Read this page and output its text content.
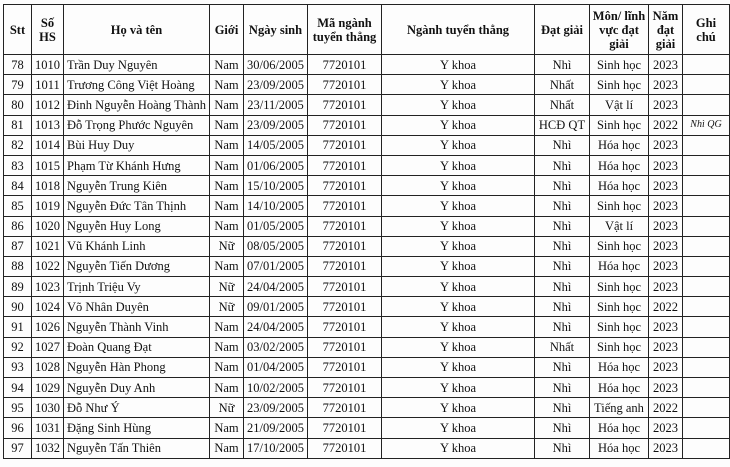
Stt	Số HS	Họ và tên	Giới	Ngày sinh	Mã ngành tuyển thẳng	Ngành tuyển thẳng	Đạt giải	Môn/ lĩnh vực đạt giải	Năm đạt giải	Ghi chú
78	1010	Trần Duy Nguyên	Nam	30/06/2005	7720101	Y khoa	Nhì	Sinh học	2023	
79	1011	Trương Công Việt Hoàng	Nam	23/09/2005	7720101	Y khoa	Nhất	Sinh học	2023	
80	1012	Đinh Nguyễn Hoàng Thành	Nam	23/11/2005	7720101	Y khoa	Nhất	Vật lí	2023	
81	1013	Đỗ Trọng Phước Nguyên	Nam	23/09/2005	7720101	Y khoa	HCĐ QT	Sinh học	2022	Nhì QG
82	1014	Bùi Huy Duy	Nam	14/05/2005	7720101	Y khoa	Nhì	Hóa học	2023	
83	1015	Phạm Từ Khánh Hưng	Nam	01/06/2005	7720101	Y khoa	Nhì	Hóa học	2023	
84	1018	Nguyễn Trung Kiên	Nam	15/10/2005	7720101	Y khoa	Nhì	Hóa học	2023	
85	1019	Nguyễn Đức Tân Thịnh	Nam	14/10/2005	7720101	Y khoa	Nhì	Sinh học	2023	
86	1020	Nguyễn Huy Long	Nam	01/05/2005	7720101	Y khoa	Nhì	Vật lí	2023	
87	1021	Vũ Khánh Linh	Nữ	08/05/2005	7720101	Y khoa	Nhì	Sinh học	2023	
88	1022	Nguyễn Tiến Dương	Nam	07/01/2005	7720101	Y khoa	Nhì	Hóa học	2023	
89	1023	Trịnh Triệu Vy	Nữ	24/04/2005	7720101	Y khoa	Nhì	Sinh học	2023	
90	1024	Võ Nhân Duyên	Nữ	09/01/2005	7720101	Y khoa	Nhì	Sinh học	2022	
91	1026	Nguyễn Thành Vinh	Nam	24/04/2005	7720101	Y khoa	Nhì	Sinh học	2023	
92	1027	Đoàn Quang Đạt	Nam	03/02/2005	7720101	Y khoa	Nhất	Sinh học	2023	
93	1028	Nguyễn Hàn Phong	Nam	01/04/2005	7720101	Y khoa	Nhì	Hóa học	2023	
94	1029	Nguyễn Duy Anh	Nam	10/02/2005	7720101	Y khoa	Nhì	Hóa học	2023	
95	1030	Đỗ Như Ý	Nữ	23/09/2005	7720101	Y khoa	Nhì	Tiếng anh	2022	
96	1031	Đặng Sinh Hùng	Nam	21/09/2005	7720101	Y khoa	Nhì	Hóa học	2023	
97	1032	Nguyễn Tấn Thiên	Nam	17/10/2005	7720101	Y khoa	Nhì	Hóa học	2023	
